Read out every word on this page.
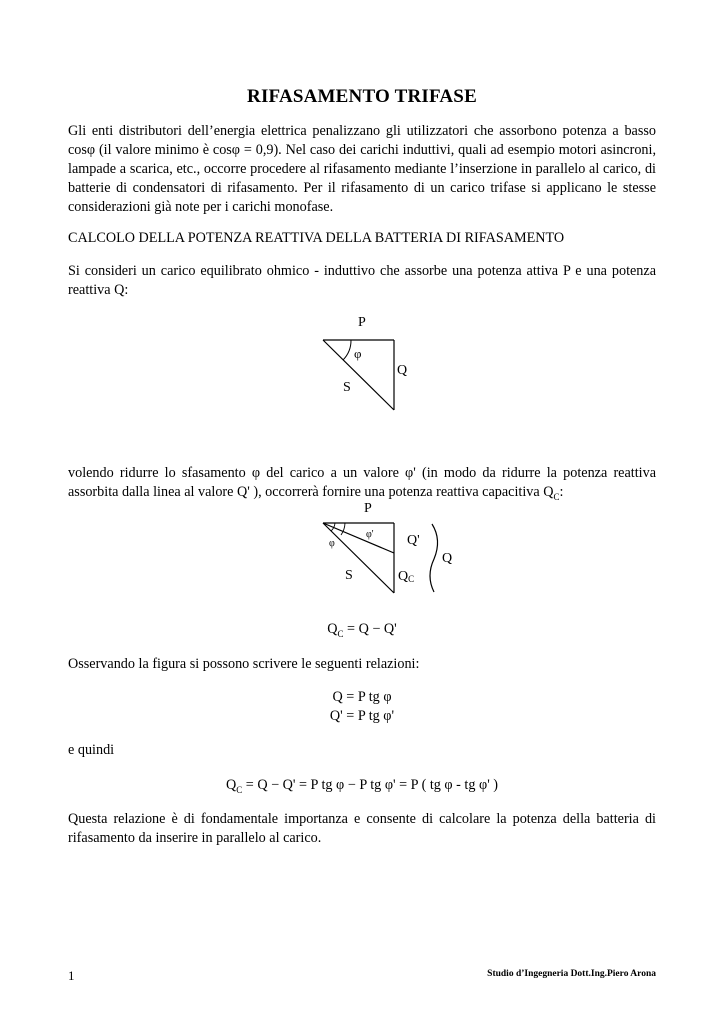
RIFASAMENTO TRIFASE
Gli enti distributori dell’energia elettrica penalizzano gli utilizzatori che assorbono potenza a basso cosφ (il valore minimo è cosφ = 0,9). Nel caso dei carichi induttivi, quali ad esempio motori asincroni, lampade a scarica, etc., occorre procedere al rifasamento mediante l’inserzione in parallelo al carico, di batterie di condensatori di rifasamento. Per il rifasamento di un carico trifase si applicano le stesse considerazioni già note per i carichi monofase.
CALCOLO DELLA POTENZA REATTIVA DELLA BATTERIA DI RIFASAMENTO
Si consideri un carico equilibrato ohmico - induttivo che assorbe una potenza attiva P e una potenza reattiva Q:
P
φ
Q
S
volendo ridurre lo sfasamento φ del carico a un valore φ' (in modo da ridurre la potenza reattiva assorbita dalla linea al valore Q' ), occorrerà fornire una potenza reattiva capacitiva $Q_C$:
P
φ'
φ	Q'
Q
S	QC
$Q_C = Q - Q'$
Osservando la figura si possono scrivere le seguenti relazioni:
Q = P tg φ
Q' = P tg φ'
e quindi
$Q_C = Q - Q' = P$ tg φ − P tg φ' = P ( tg φ - tg φ' )
Questa relazione è di fondamentale importanza e consente di calcolare la potenza della batteria di rifasamento da inserire in parallelo al carico.
1	Studio d’Ingegneria Dott.Ing.Piero Arona
